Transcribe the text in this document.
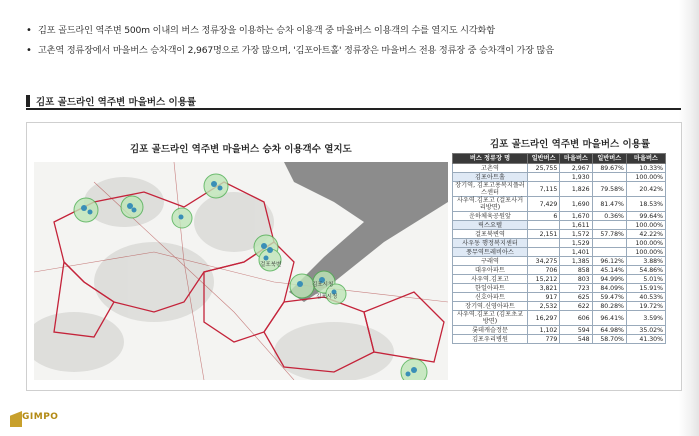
• 김포 골드라인 역주변 500m 이내의 버스 정류장을 이용하는 승차 이용객 중 마을버스 이용객의 수를 열지도 시각화함
• 고촌역 정류장에서 마을버스 승차객이 2,967명으로 가장 많으며, '김포아트홀' 정류장은 마을버스 전용 정류장 중 승차객이 가장 많음
김포 골드라인 역주변 마을버스 이용률
김포 골드라인 역주변 마을버스 승차 이용객수 열지도
김포시청
걸포북변
김포시청
김포 골드라인 역주변 마을버스 이용률
버스 정류장 명	일반버스	마을버스	일반버스	마을버스
고촌역	25,755	2,967	89.67%	10.33%
김포아트홀		1,930		100.00%
장기역, 김포고용복지플러스센터	7,115	1,826	79.58%	20.42%
사우역.김포고 (걸포사거리방면)	7,429	1,690	81.47%	18.53%
운하체육공원앞	6	1,670	0.36%	99.64%
릭스요텔		1,611		100.00%
걸포북변역	2,151	1,572	57.78%	42.22%
사우동 행정복지센터		1,529		100.00%
풍무역트레비아스		1,401		100.00%
구래역	34,275	1,385	96.12%	3.88%
대우아파트	706	858	45.14%	54.86%
사우역.김포고	15,212	803	94.99%	5.01%
한일아파트	3,821	723	84.09%	15.91%
신호아파트	917	625	59.47%	40.53%
장기역.신영아파트	2,532	622	80.28%	19.72%
사우역.김포고 (김포초교방면)	16,297	606	96.41%	3.59%
롯데캐슬정문	1,102	594	64.98%	35.02%
김포우리병원	779	548	58.70%	41.30%
GIMPO
